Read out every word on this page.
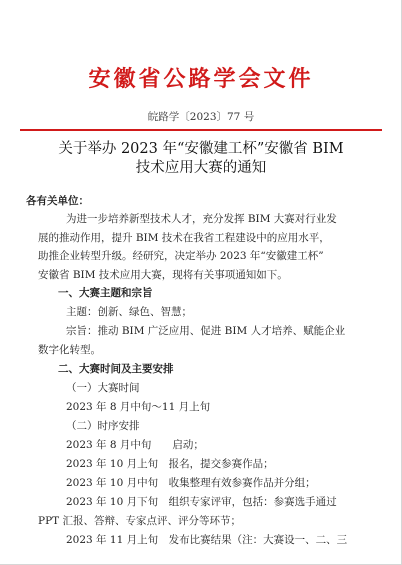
安徽省公路学会文件
皖路学〔2023〕77 号
关于举办 2023 年“安徽建工杯”安徽省 BIM
技术应用大赛的通知
各有关单位：
为进一步培养新型技术人才，充分发挥 BIM 大赛对行业发
展的推动作用，提升 BIM 技术在我省工程建设中的应用水平，
助推企业转型升级。经研究，决定举办 2023 年“安徽建工杯”
安徽省 BIM 技术应用大赛，现将有关事项通知如下。
一、大赛主题和宗旨
主题：创新、绿色、智慧；
宗旨：推动 BIM 广泛应用、促进 BIM 人才培养、赋能企业
数字化转型。
二、大赛时间及主要安排
（一）大赛时间
2023 年 8 月中旬～11 月上旬
（二）时序安排
2023 年 8 月中旬　　启动；
2023 年 10 月上旬　报名，提交参赛作品；
2023 年 10 月中旬　收集整理有效参赛作品并分组；
2023 年 10 月下旬　组织专家评审，包括：参赛选手通过
PPT 汇报、答辩、专家点评、评分等环节；
2023 年 11 月上旬　发布比赛结果（注：大赛设一、二、三
